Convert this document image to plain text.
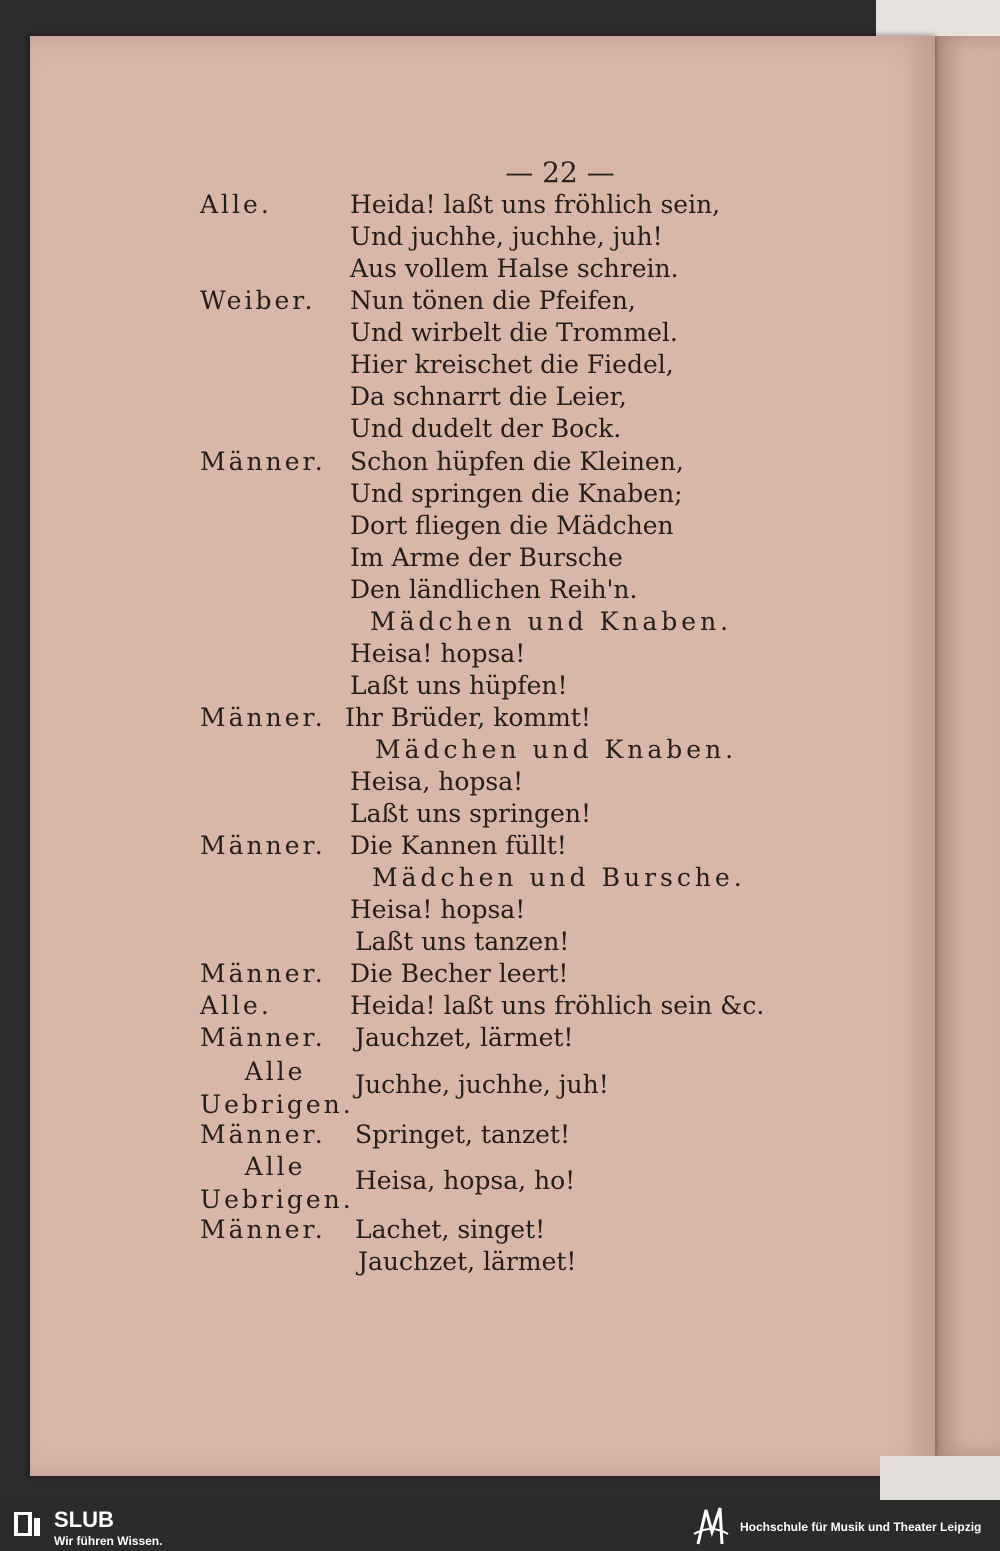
— 22 —
Alle.	Heida! laßt uns fröhlich sein,
Und juchhe, juchhe, juh!
Aus vollem Halse schrein.
Weiber. Nun tönen die Pfeifen,
Und wirbelt die Trommel.
Hier kreischet die Fiedel,
Da schnarrt die Leier,
Und dudelt der Bock.
Männer. Schon hüpfen die Kleinen,
Und springen die Knaben;
Dort fliegen die Mädchen
Im Arme der Bursche
Den ländlichen Reih'n.
Mädchen und Knaben.
Heisa! hopsa!
Laßt uns hüpfen!
Männer. Ihr Brüder, kommt!
Mädchen und Knaben.
Heisa, hopsa!
Laßt uns springen!
Männer. Die Kannen füllt!
Mädchen und Bursche.
Heisa! hopsa!
Laßt uns tanzen!
Männer. Die Becher leert!
Alle.	Heida! laßt uns fröhlich sein &c.
Männer. Jauchzet, lärmet!
Alle Uebrigen.
Juchhe, juchhe, juh!
Männer. Springet, tanzet!
Alle Uebrigen.
Heisa, hopsa, ho!
Männer. Lachet, singet!
Jauchzet, lärmet!
SLUB
Wir führen Wissen.
Hochschule für Musik und Theater Leipzig
